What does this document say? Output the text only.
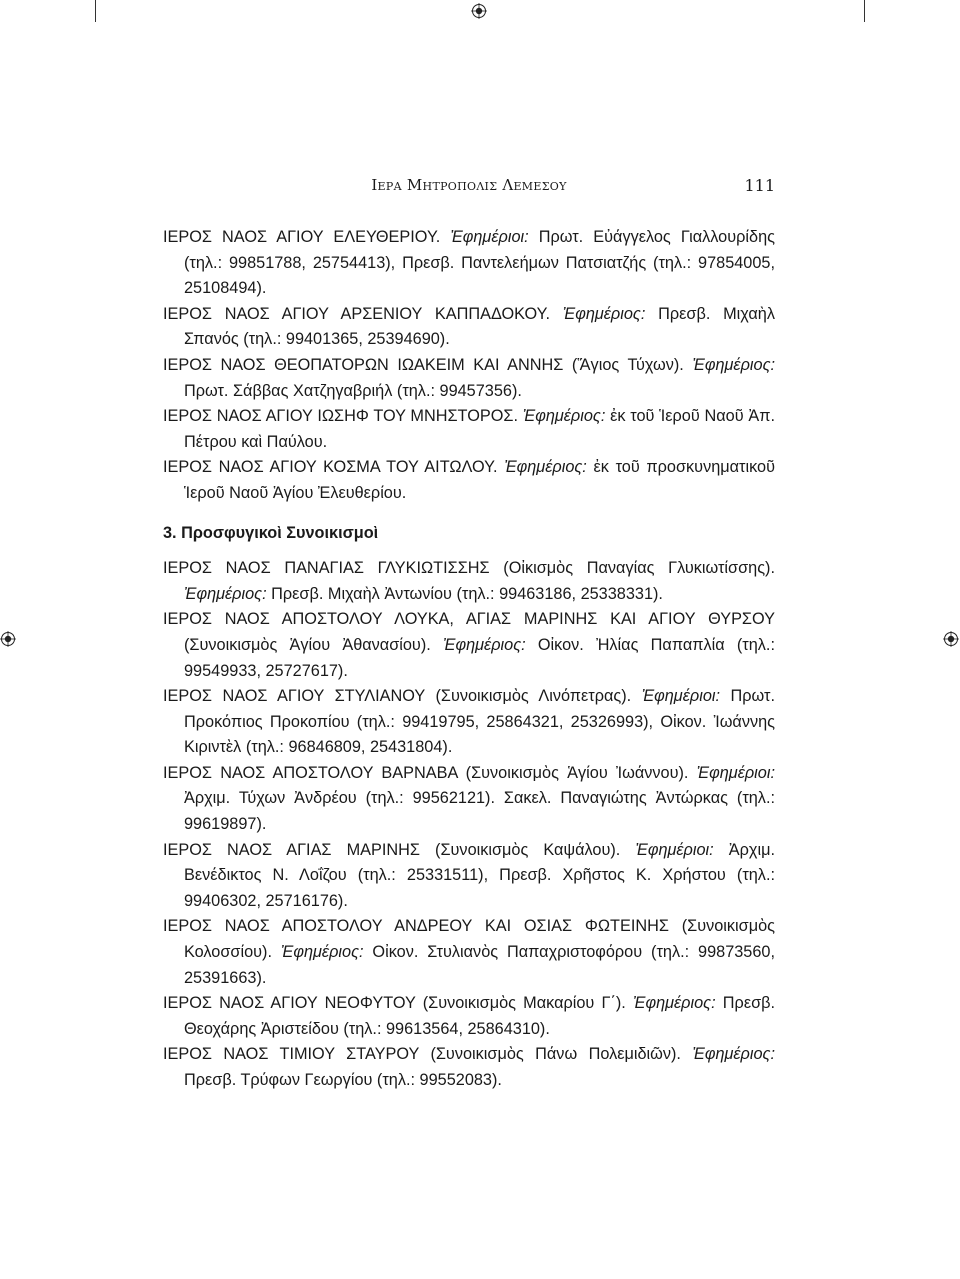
Ιερα Μητροπολις Λεμεσου	111

ΙΕΡΟΣ ΝΑΟΣ ΑΓΙΟΥ ΕΛΕΥΘΕΡΙΟΥ. Ἐφημέριοι: Πρωτ. Εὐάγγελος Γιαλλουρίδης (τηλ.: 99851788, 25754413), Πρεσβ. Παντελεήμων Πατσιατζής (τηλ.: 97854005, 25108494).

ΙΕΡΟΣ ΝΑΟΣ ΑΓΙΟΥ ΑΡΣΕΝΙΟΥ ΚΑΠΠΑΔΟΚΟΥ. Ἐφημέριος: Πρεσβ. Μιχαὴλ Σπανός (τηλ.: 99401365, 25394690).

ΙΕΡΟΣ ΝΑΟΣ ΘΕΟΠΑΤΟΡΩΝ ΙΩΑΚΕΙΜ ΚΑΙ ΑΝΝΗΣ (Ἅγιος Τύχων). Ἐφημέριος: Πρωτ. Σάββας Χατζηγαβριήλ (τηλ.: 99457356).

ΙΕΡΟΣ ΝΑΟΣ ΑΓΙΟΥ ΙΩΣΗΦ ΤΟΥ ΜΝΗΣΤΟΡΟΣ. Ἐφημέριος: ἐκ τοῦ Ἱεροῦ Ναοῦ Ἀπ. Πέτρου καὶ Παύλου.

ΙΕΡΟΣ ΝΑΟΣ ΑΓΙΟΥ ΚΟΣΜΑ ΤΟΥ ΑΙΤΩΛΟΥ. Ἐφημέριος: ἐκ τοῦ προσκυνηματικοῦ Ἱεροῦ Ναοῦ Ἁγίου Ἐλευθερίου.

3. Προσφυγικοὶ Συνοικισμοὶ

ΙΕΡΟΣ ΝΑΟΣ ΠΑΝΑΓΙΑΣ ΓΛΥΚΙΩΤΙΣΣΗΣ (Οἰκισμὸς Παναγίας Γλυκιωτίσσης). Ἐφημέριος: Πρεσβ. Μιχαὴλ Ἀντωνίου (τηλ.: 99463186, 25338331).

ΙΕΡΟΣ ΝΑΟΣ ΑΠΟΣΤΟΛΟΥ ΛΟΥΚΑ, ΑΓΙΑΣ ΜΑΡΙΝΗΣ ΚΑΙ ΑΓΙΟΥ ΘΥΡΣΟΥ (Συνοικισμὸς Ἁγίου Ἀθανασίου). Ἐφημέριος: Οἰκον. Ἠλίας Παπαπλία (τηλ.: 99549933, 25727617).

ΙΕΡΟΣ ΝΑΟΣ ΑΓΙΟΥ ΣΤΥΛΙΑΝΟΥ (Συνοικισμὸς Λινόπετρας). Ἐφημέριοι: Πρωτ. Προκόπιος Προκοπίου (τηλ.: 99419795, 25864321, 25326993), Οἰκον. Ἰωάννης Κιριντὲλ (τηλ.: 96846809, 25431804).

ΙΕΡΟΣ ΝΑΟΣ ΑΠΟΣΤΟΛΟΥ ΒΑΡΝΑΒΑ (Συνοικισμὸς Ἁγίου Ἰωάννου). Ἐφημέριοι: Ἀρχιμ. Τύχων Ἀνδρέου (τηλ.: 99562121). Σακελ. Παναγιώτης Ἀντώρκας (τηλ.: 99619897).

ΙΕΡΟΣ ΝΑΟΣ ΑΓΙΑΣ ΜΑΡΙΝΗΣ (Συνοικισμὸς Καψάλου). Ἐφημέριοι: Ἀρχιμ. Βενέδικτος Ν. Λοΐζου (τηλ.: 25331511), Πρεσβ. Χρῆστος Κ. Χρήστου (τηλ.: 99406302, 25716176).

ΙΕΡΟΣ ΝΑΟΣ ΑΠΟΣΤΟΛΟΥ ΑΝΔΡΕΟΥ ΚΑΙ ΟΣΙΑΣ ΦΩΤΕΙΝΗΣ (Συνοικισμὸς Κολοσσίου). Ἐφημέριος: Οἰκον. Στυλιανὸς Παπαχριστοφόρου (τηλ.: 99873560, 25391663).

ΙΕΡΟΣ ΝΑΟΣ ΑΓΙΟΥ ΝΕΟΦΥΤΟΥ (Συνοικισμὸς Μακαρίου Γ΄). Ἐφημέριος: Πρεσβ. Θεοχάρης Ἀριστείδου (τηλ.: 99613564, 25864310).

ΙΕΡΟΣ ΝΑΟΣ ΤΙΜΙΟΥ ΣΤΑΥΡΟΥ (Συνοικισμὸς Πάνω Πολεμιδιῶν). Ἐφημέριος: Πρεσβ. Τρύφων Γεωργίου (τηλ.: 99552083).
